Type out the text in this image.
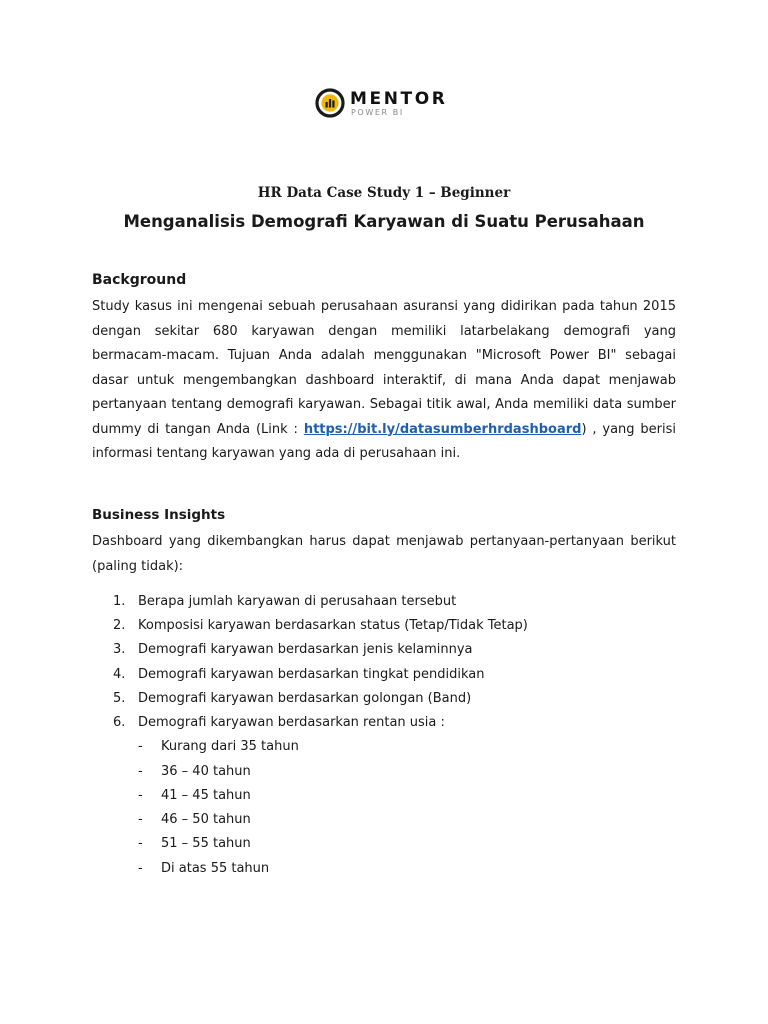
MENTOR
POWER BI
HR Data Case Study 1 – Beginner
Menganalisis Demografi Karyawan di Suatu Perusahaan
Background
Study kasus ini mengenai sebuah perusahaan asuransi yang didirikan pada tahun 2015 dengan sekitar 680 karyawan dengan memiliki latarbelakang demografi yang bermacam-macam. Tujuan Anda adalah menggunakan "Microsoft Power BI" sebagai dasar untuk mengembangkan dashboard interaktif, di mana Anda dapat menjawab pertanyaan tentang demografi karyawan. Sebagai titik awal, Anda memiliki data sumber dummy di tangan Anda (Link : https://bit.ly/datasumberhrdashboard) , yang berisi informasi tentang karyawan yang ada di perusahaan ini.
Business Insights
Dashboard yang dikembangkan harus dapat menjawab pertanyaan-pertanyaan berikut (paling tidak):
1. Berapa jumlah karyawan di perusahaan tersebut
2. Komposisi karyawan berdasarkan status (Tetap/Tidak Tetap)
3. Demografi karyawan berdasarkan jenis kelaminnya
4. Demografi karyawan berdasarkan tingkat pendidikan
5. Demografi karyawan berdasarkan golongan (Band)
6. Demografi karyawan berdasarkan rentan usia :
- Kurang dari 35 tahun
- 36 – 40 tahun
- 41 – 45 tahun
- 46 – 50 tahun
- 51 – 55 tahun
- Di atas 55 tahun
